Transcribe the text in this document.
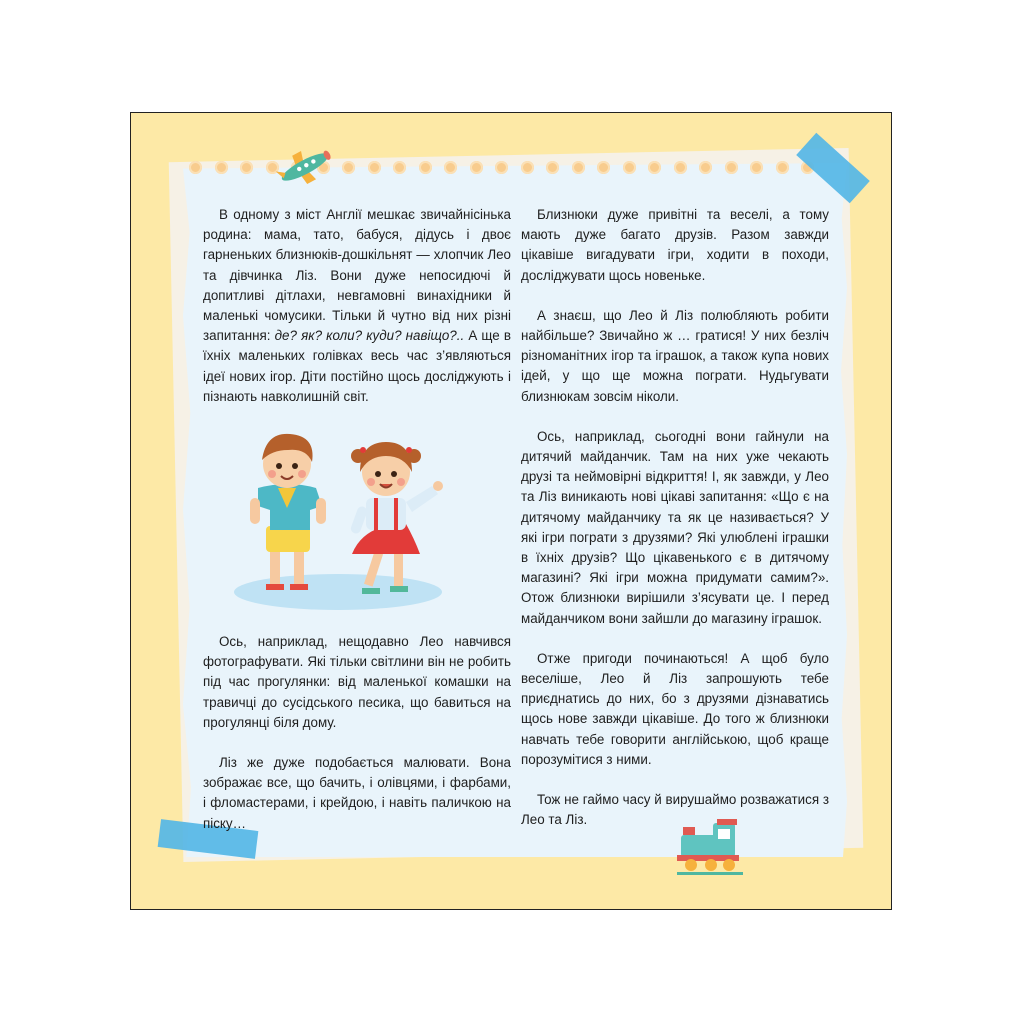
В одному з міст Англії мешкає звичайнісінька родина: мама, тато, бабуся, дідусь і двоє гарненьких близнюків-дошкільнят — хлопчик Лео та дівчинка Ліз. Вони дуже непосидючі й допитливі дітлахи, невгамовні винахідники й маленькі чомусики. Тільки й чутно від них різні запитання: де? як? коли? куди? навіщо?.. А ще в їхніх маленьких голівках весь час з’являються ідеї нових ігор. Діти постійно щось досліджують і пізнають навколишній світ.

Ось, наприклад, нещодавно Лео навчився фотографувати. Які тільки світлини він не робить під час прогулянки: від маленької комашки на травичці до сусідського песика, що бавиться на прогулянці біля дому.

Ліз же дуже подобається малювати. Вона зображає все, що бачить, і олівцями, і фарбами, і фломастерами, і крейдою, і навіть паличкою на піску…

Близнюки дуже привітні та веселі, а тому мають дуже багато друзів. Разом завжди цікавіше вигадувати ігри, ходити в походи, досліджувати щось новеньке.

А знаєш, що Лео й Ліз полюбляють робити найбільше? Звичайно ж … гратися! У них безліч різноманітних ігор та іграшок, а також купа нових ідей, у що ще можна пограти. Нудьгувати близнюкам зовсім ніколи.

Ось, наприклад, сьогодні вони гайнули на дитячий майданчик. Там на них уже чекають друзі та неймовірні відкриття! І, як завжди, у Лео та Ліз виникають нові цікаві запитання: «Що є на дитячому майданчику та як це називається? У які ігри пограти з друзями? Які улюблені іграшки в їхніх друзів? Що цікавенького є в дитячому магазині? Які ігри можна придумати самим?». Отож близнюки вирішили з’ясувати це. І перед майданчиком вони зайшли до магазину іграшок.

Отже пригоди починаються! А щоб було веселіше, Лео й Ліз запрошують тебе приєднатись до них, бо з друзями дізнаватись щось нове завжди цікавіше. До того ж близнюки навчать тебе говорити англійською, щоб краще порозумітися з ними.

Тож не гаймо часу й вирушаймо розважатися з Лео та Ліз.
